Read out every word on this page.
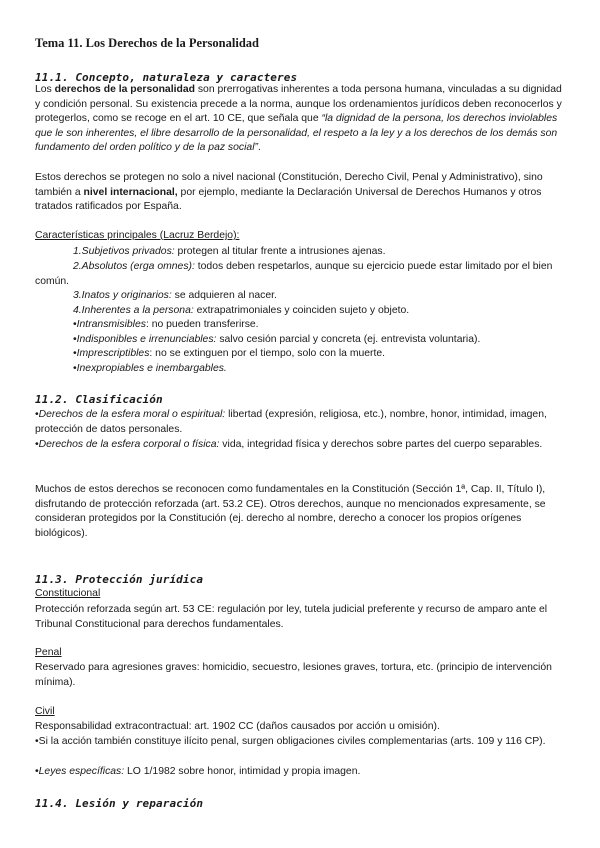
Tema 11. Los Derechos de la Personalidad
11.1. Concepto, naturaleza y caracteres
Los derechos de la personalidad son prerrogativas inherentes a toda persona humana, vinculadas a su dignidad y condición personal. Su existencia precede a la norma, aunque los ordenamientos jurídicos deben reconocerlos y protegerlos, como se recoge en el art. 10 CE, que señala que “la dignidad de la persona, los derechos inviolables que le son inherentes, el libre desarrollo de la personalidad, el respeto a la ley y a los derechos de los demás son fundamento del orden político y de la paz social”.
Estos derechos se protegen no solo a nivel nacional (Constitución, Derecho Civil, Penal y Administrativo), sino también a nivel internacional, por ejemplo, mediante la Declaración Universal de Derechos Humanos y otros tratados ratificados por España.
Características principales (Lacruz Berdejo):
1.Subjetivos privados: protegen al titular frente a intrusiones ajenas.
2.Absolutos (erga omnes): todos deben respetarlos, aunque su ejercicio puede estar limitado por el bien común.
3.Inatos y originarios: se adquieren al nacer.
4.Inherentes a la persona: extrapatrimoniales y coinciden sujeto y objeto.
•Intransmisibles: no pueden transferirse.
•Indisponibles e irrenunciables: salvo cesión parcial y concreta (ej. entrevista voluntaria).
•Imprescriptibles: no se extinguen por el tiempo, solo con la muerte.
•Inexpropiables e inembargables.
11.2. Clasificación
•Derechos de la esfera moral o espiritual: libertad (expresión, religiosa, etc.), nombre, honor, intimidad, imagen, protección de datos personales.
•Derechos de la esfera corporal o física: vida, integridad física y derechos sobre partes del cuerpo separables.
Muchos de estos derechos se reconocen como fundamentales en la Constitución (Sección 1ª, Cap. II, Título I), disfrutando de protección reforzada (art. 53.2 CE). Otros derechos, aunque no mencionados expresamente, se consideran protegidos por la Constitución (ej. derecho al nombre, derecho a conocer los propios orígenes biológicos).
11.3. Protección jurídica
Constitucional
Protección reforzada según art. 53 CE: regulación por ley, tutela judicial preferente y recurso de amparo ante el Tribunal Constitucional para derechos fundamentales.
Penal
Reservado para agresiones graves: homicidio, secuestro, lesiones graves, tortura, etc. (principio de intervención mínima).
Civil
Responsabilidad extracontractual: art. 1902 CC (daños causados por acción u omisión).
•Si la acción también constituye ilícito penal, surgen obligaciones civiles complementarias (arts. 109 y 116 CP).
•Leyes específicas: LO 1/1982 sobre honor, intimidad y propia imagen.
11.4. Lesión y reparación
